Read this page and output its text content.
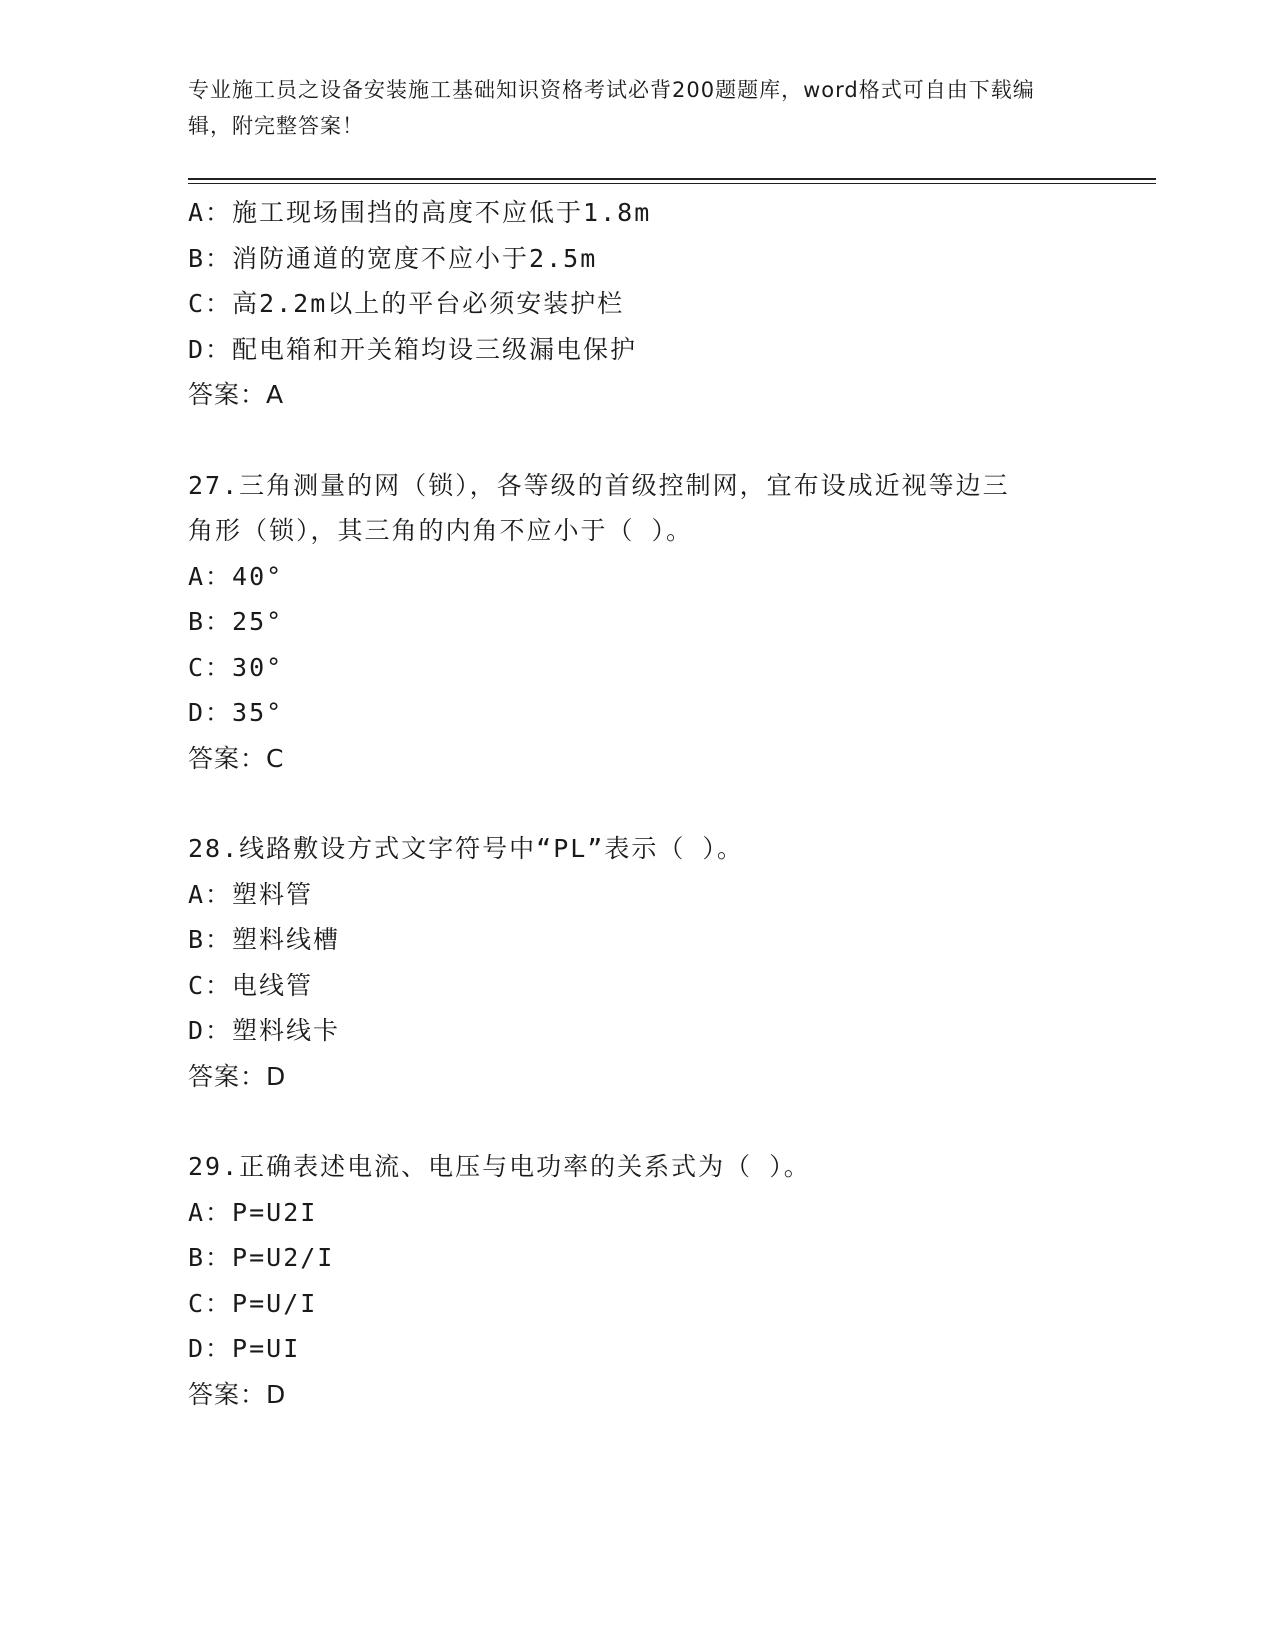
专业施工员之设备安装施工基础知识资格考试必背200题题库，word格式可自由下载编辑，附完整答案！
A：施工现场围挡的高度不应低于1.8m
B：消防通道的宽度不应小于2.5m
C：高2.2m以上的平台必须安装护栏
D：配电箱和开关箱均设三级漏电保护
答案：A
27.三角测量的网（锁），各等级的首级控制网，宜布设成近视等边三
角形（锁），其三角的内角不应小于（ ）。
A：40°
B：25°
C：30°
D：35°
答案：C
28.线路敷设方式文字符号中“PL”表示（ ）。
A：塑料管
B：塑料线槽
C：电线管
D：塑料线卡
答案：D
29.正确表述电流、电压与电功率的关系式为（ ）。
A：P=U2I
B：P=U2/I
C：P=U/I
D：P=UI
答案：D
